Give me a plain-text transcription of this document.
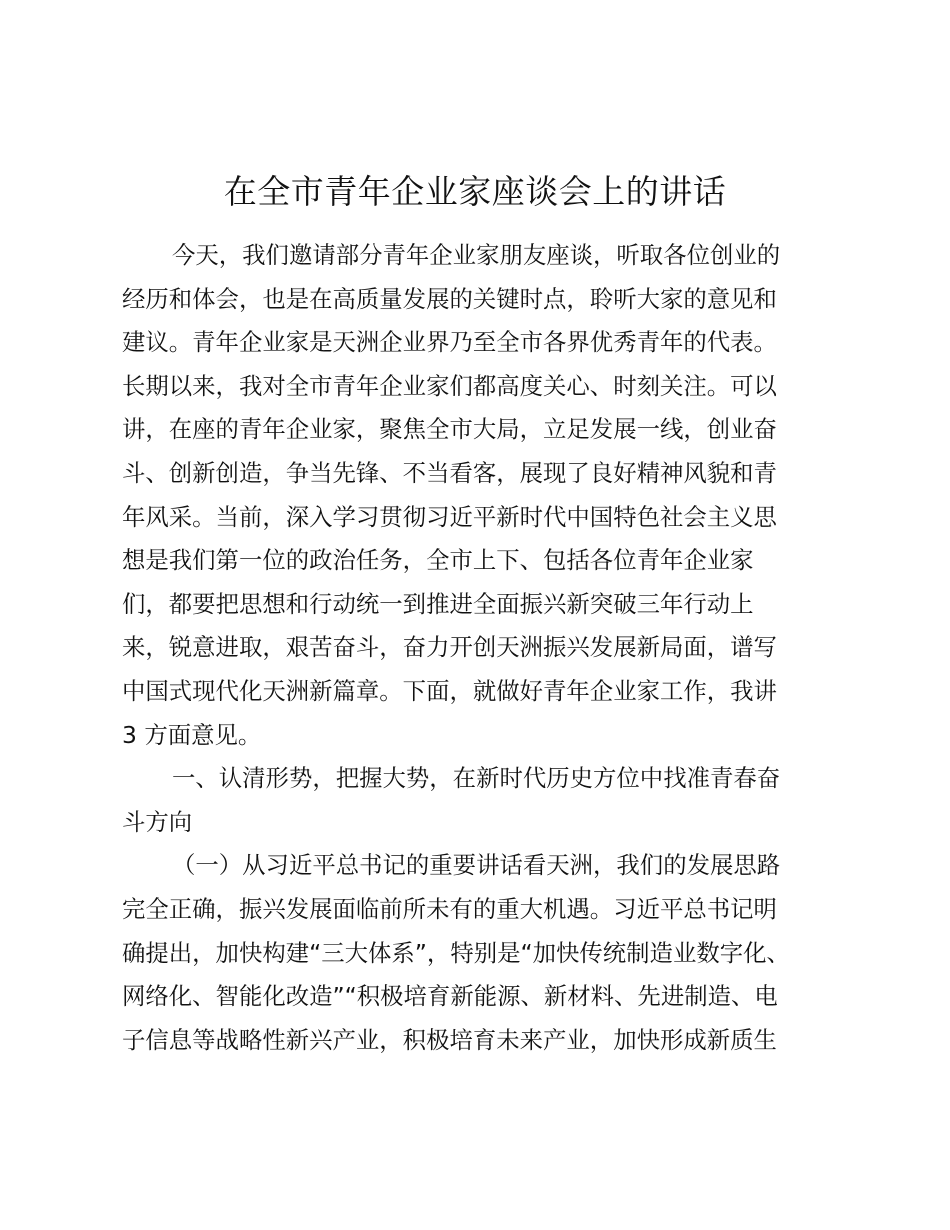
在全市青年企业家座谈会上的讲话
今天，我们邀请部分青年企业家朋友座谈，听取各位创业的
经历和体会，也是在高质量发展的关键时点，聆听大家的意见和
建议。青年企业家是天洲企业界乃至全市各界优秀青年的代表。
长期以来，我对全市青年企业家们都高度关心、时刻关注。可以
讲，在座的青年企业家，聚焦全市大局，立足发展一线，创业奋
斗、创新创造，争当先锋、不当看客，展现了良好精神风貌和青
年风采。当前，深入学习贯彻习近平新时代中国特色社会主义思
想是我们第一位的政治任务，全市上下、包括各位青年企业家
们，都要把思想和行动统一到推进全面振兴新突破三年行动上
来，锐意进取，艰苦奋斗，奋力开创天洲振兴发展新局面，谱写
中国式现代化天洲新篇章。下面，就做好青年企业家工作，我讲
3 方面意见。
一、认清形势，把握大势，在新时代历史方位中找准青春奋
斗方向
（一）从习近平总书记的重要讲话看天洲，我们的发展思路
完全正确，振兴发展面临前所未有的重大机遇。习近平总书记明
确提出，加快构建“三大体系”，特别是“加快传统制造业数字化、
网络化、智能化改造”“积极培育新能源、新材料、先进制造、电
子信息等战略性新兴产业，积极培育未来产业，加快形成新质生
